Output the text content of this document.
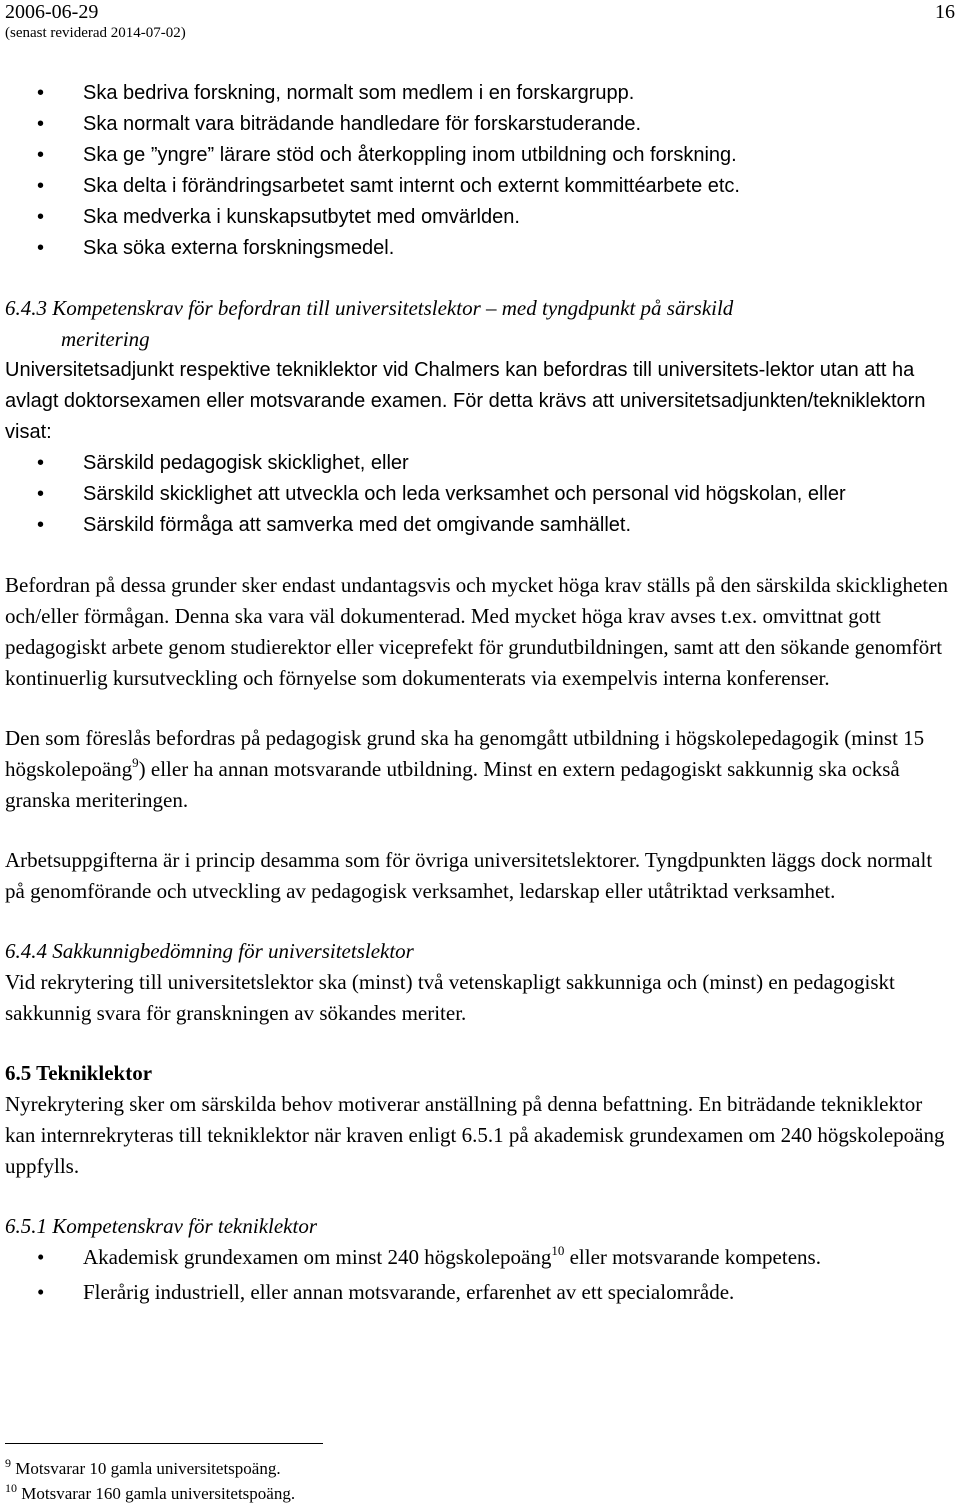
2006-06-29
(senast reviderad 2014-07-02)
16
• Ska bedriva forskning, normalt som medlem i en forskargrupp.
• Ska normalt vara biträdande handledare för forskarstuderande.
• Ska ge ”yngre” lärare stöd och återkoppling inom utbildning och forskning.
• Ska delta i förändringsarbetet samt internt och externt kommittéarbete etc.
• Ska medverka i kunskapsutbytet med omvärlden.
• Ska söka externa forskningsmedel.

6.4.3 Kompetenskrav för befordran till universitetslektor – med tyngdpunkt på särskild
meritering

Universitetsadjunkt respektive tekniklektor vid Chalmers kan befordras till universitets-lektor utan att ha avlagt doktorsexamen eller motsvarande examen. För detta krävs att universitetsadjunkten/tekniklektorn visat:

• Särskild pedagogisk skicklighet, eller
• Särskild skicklighet att utveckla och leda verksamhet och personal vid högskolan, eller
• Särskild förmåga att samverka med det omgivande samhället.

Befordran på dessa grunder sker endast undantagsvis och mycket höga krav ställs på den särskilda skickligheten och/eller förmågan. Denna ska vara väl dokumenterad. Med mycket höga krav avses t.ex. omvittnat gott pedagogiskt arbete genom studierektor eller viceprefekt för grundutbildningen, samt att den sökande genomfört kontinuerlig kursutveckling och förnyelse som dokumenterats via exempelvis interna konferenser.

Den som föreslås befordras på pedagogisk grund ska ha genomgått utbildning i högskolepedagogik (minst 15 högskolepoäng$^9$) eller ha annan motsvarande utbildning. Minst en extern pedagogiskt sakkunnig ska också granska meriteringen.

Arbetsuppgifterna är i princip desamma som för övriga universitetslektorer. Tyngdpunkten läggs dock normalt på genomförande och utveckling av pedagogisk verksamhet, ledarskap eller utåtriktad verksamhet.

6.4.4 Sakkunnigbedömning för universitetslektor

Vid rekrytering till universitetslektor ska (minst) två vetenskapligt sakkunniga och (minst) en pedagogiskt sakkunnig svara för granskningen av sökandes meriter.

6.5 Tekniklektor

Nyrekrytering sker om särskilda behov motiverar anställning på denna befattning. En biträdande tekniklektor kan internrekryteras till tekniklektor när kraven enligt 6.5.1 på akademisk grundexamen om 240 högskolepoäng uppfylls.

6.5.1 Kompetenskrav för tekniklektor

• Akademisk grundexamen om minst 240 högskolepoäng$^{10}$ eller motsvarande kompetens.
• Flerårig industriell, eller annan motsvarande, erfarenhet av ett specialområde.
$^9$ Motsvarar 10 gamla universitetspoäng.
$^{10}$ Motsvarar 160 gamla universitetspoäng.
